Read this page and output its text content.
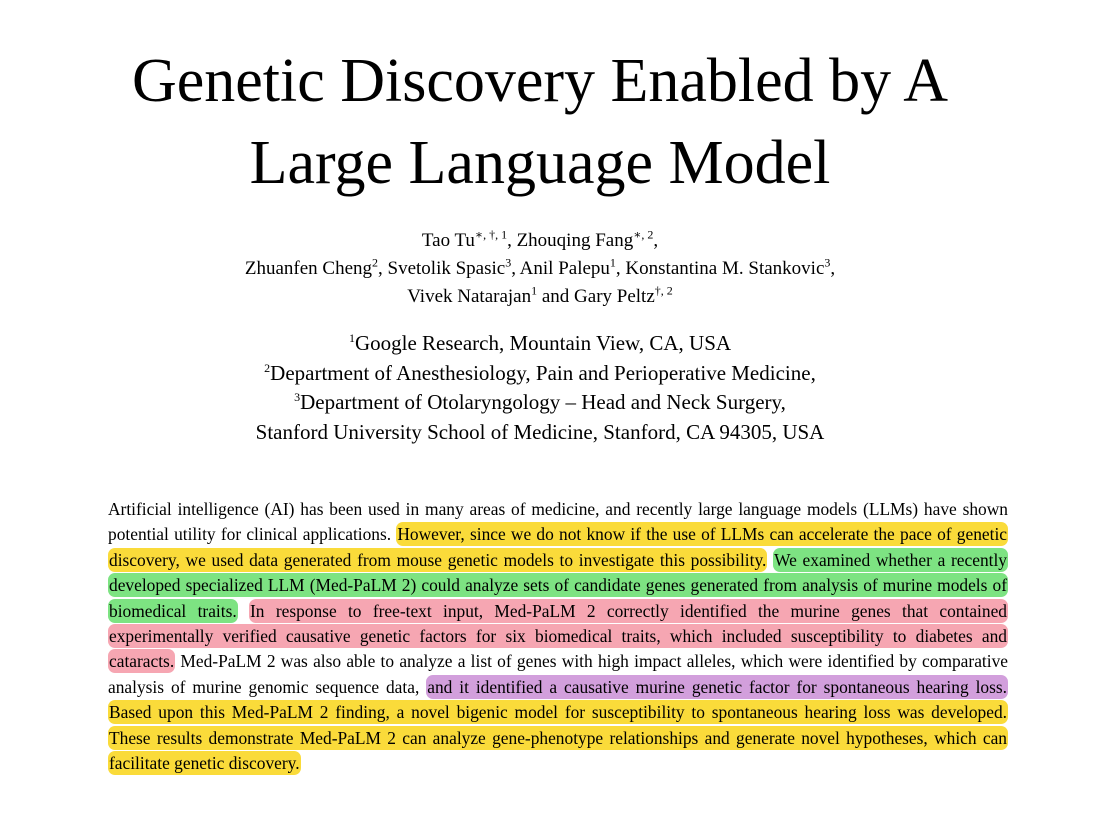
Genetic Discovery Enabled by A
Large Language Model
Tao $Tu^{∗, \dagger, 1}$, Zhouqing Fang$^{∗, 2}$,
Zhuanfen Cheng$^2$, Svetolik Spasic$^3$, Anil Palepu$^1$, Konstantina M. Stankovic$^3$,
Vivek Natarajan$^1$ and Gary Peltz$^{\dagger, 2}$
$^1$Google Research, Mountain View, CA, USA
$^2$Department of Anesthesiology, Pain and Perioperative Medicine,
$^3$Department of Otolaryngology – Head and Neck Surgery,
Stanford University School of Medicine, Stanford, CA 94305, USA
Artificial intelligence (AI) has been used in many areas of medicine, and recently large language models (LLMs) have shown potential utility for clinical applications. However, since we do not know if the use of LLMs can accelerate the pace of genetic discovery, we used data generated from mouse genetic models to investigate this possibility. We examined whether a recently developed specialized LLM (Med-PaLM 2) could analyze sets of candidate genes generated from analysis of murine models of biomedical traits. In response to free-text input, Med-PaLM 2 correctly identified the murine genes that contained experimentally verified causative genetic factors for six biomedical traits, which included susceptibility to diabetes and cataracts. Med-PaLM 2 was also able to analyze a list of genes with high impact alleles, which were identified by comparative analysis of murine genomic sequence data, and it identified a causative murine genetic factor for spontaneous hearing loss. Based upon this Med-PaLM 2 finding, a novel bigenic model for susceptibility to spontaneous hearing loss was developed. These results demonstrate Med-PaLM 2 can analyze gene-phenotype relationships and generate novel hypotheses, which can facilitate genetic discovery.
